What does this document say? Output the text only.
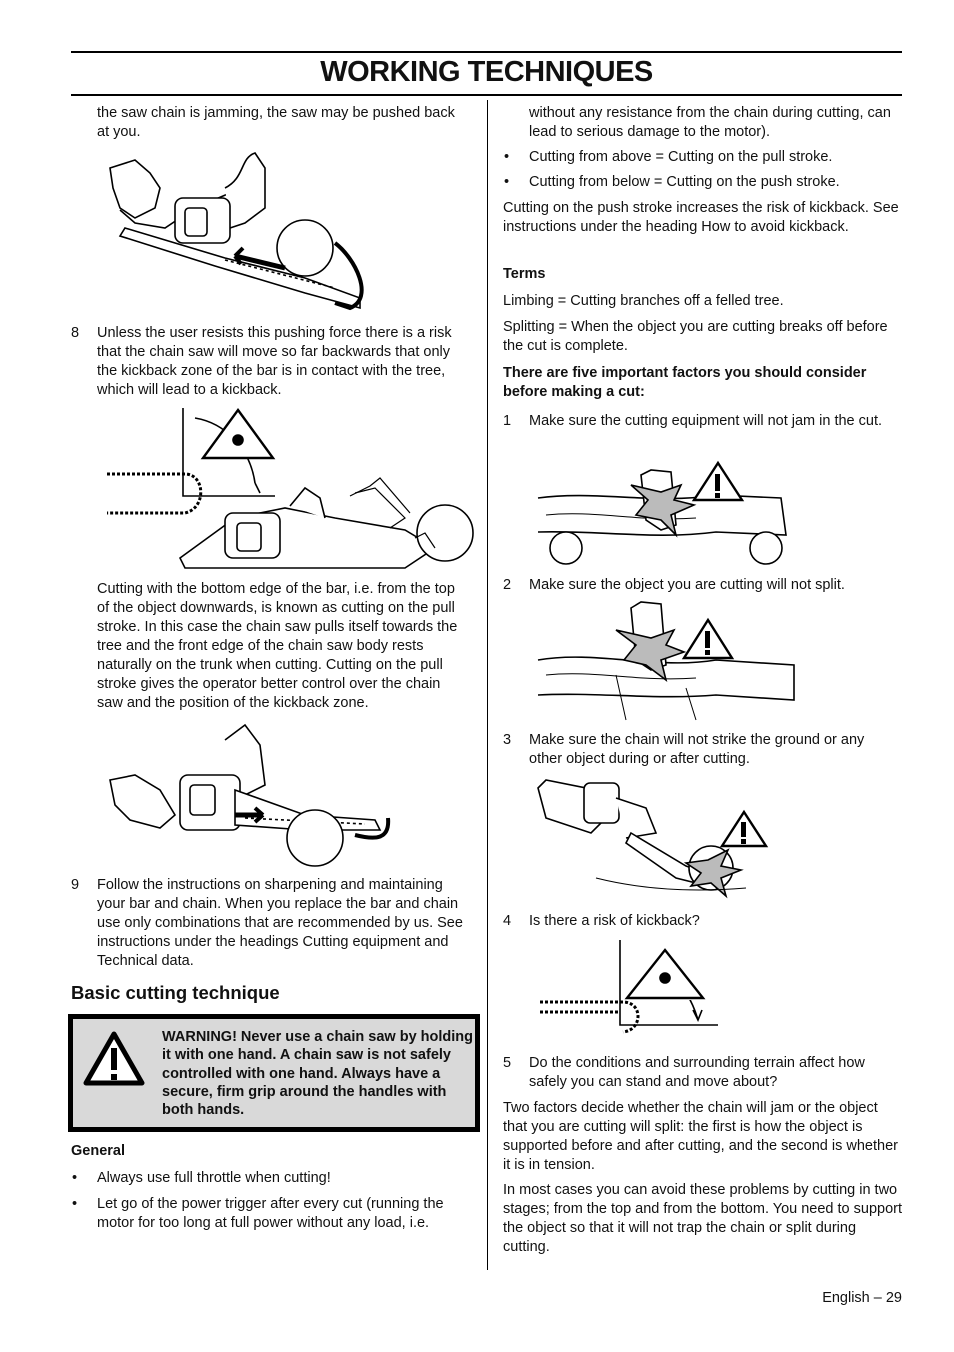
WORKING TECHNIQUES

the saw chain is jamming, the saw may be pushed back at you.

8 Unless the user resists this pushing force there is a risk that the chain saw will move so far backwards that only the kickback zone of the bar is in contact with the tree, which will lead to a kickback.

Cutting with the bottom edge of the bar, i.e. from the top of the object downwards, is known as cutting on the pull stroke. In this case the chain saw pulls itself towards the tree and the front edge of the chain saw body rests naturally on the trunk when cutting. Cutting on the pull stroke gives the operator better control over the chain saw and the position of the kickback zone.

9 Follow the instructions on sharpening and maintaining your bar and chain. When you replace the bar and chain use only combinations that are recommended by us. See instructions under the headings Cutting equipment and Technical data.

Basic cutting technique
WARNING! Never use a chain saw by holding it with one hand. A chain saw is not safely controlled with one hand. Always have a secure, firm grip around the handles with both hands.

General

• Always use full throttle when cutting!

• Let go of the power trigger after every cut (running the motor for too long at full power without any load, i.e.

without any resistance from the chain during cutting, can lead to serious damage to the motor).

• Cutting from above = Cutting on the pull stroke.

• Cutting from below = Cutting on the push stroke.

Cutting on the push stroke increases the risk of kickback. See instructions under the heading How to avoid kickback.

Terms

Limbing = Cutting branches off a felled tree.

Splitting = When the object you are cutting breaks off before the cut is complete.

There are five important factors you should consider before making a cut:

1 Make sure the cutting equipment will not jam in the cut.

2 Make sure the object you are cutting will not split.

3 Make sure the chain will not strike the ground or any other object during or after cutting.

4 Is there a risk of kickback?

5 Do the conditions and surrounding terrain affect how safely you can stand and move about?

Two factors decide whether the chain will jam or the object that you are cutting will split: the first is how the object is supported before and after cutting, and the second is whether it is in tension.

In most cases you can avoid these problems by cutting in two stages; from the top and from the bottom. You need to support the object so that it will not trap the chain or split during cutting.

English – 29
